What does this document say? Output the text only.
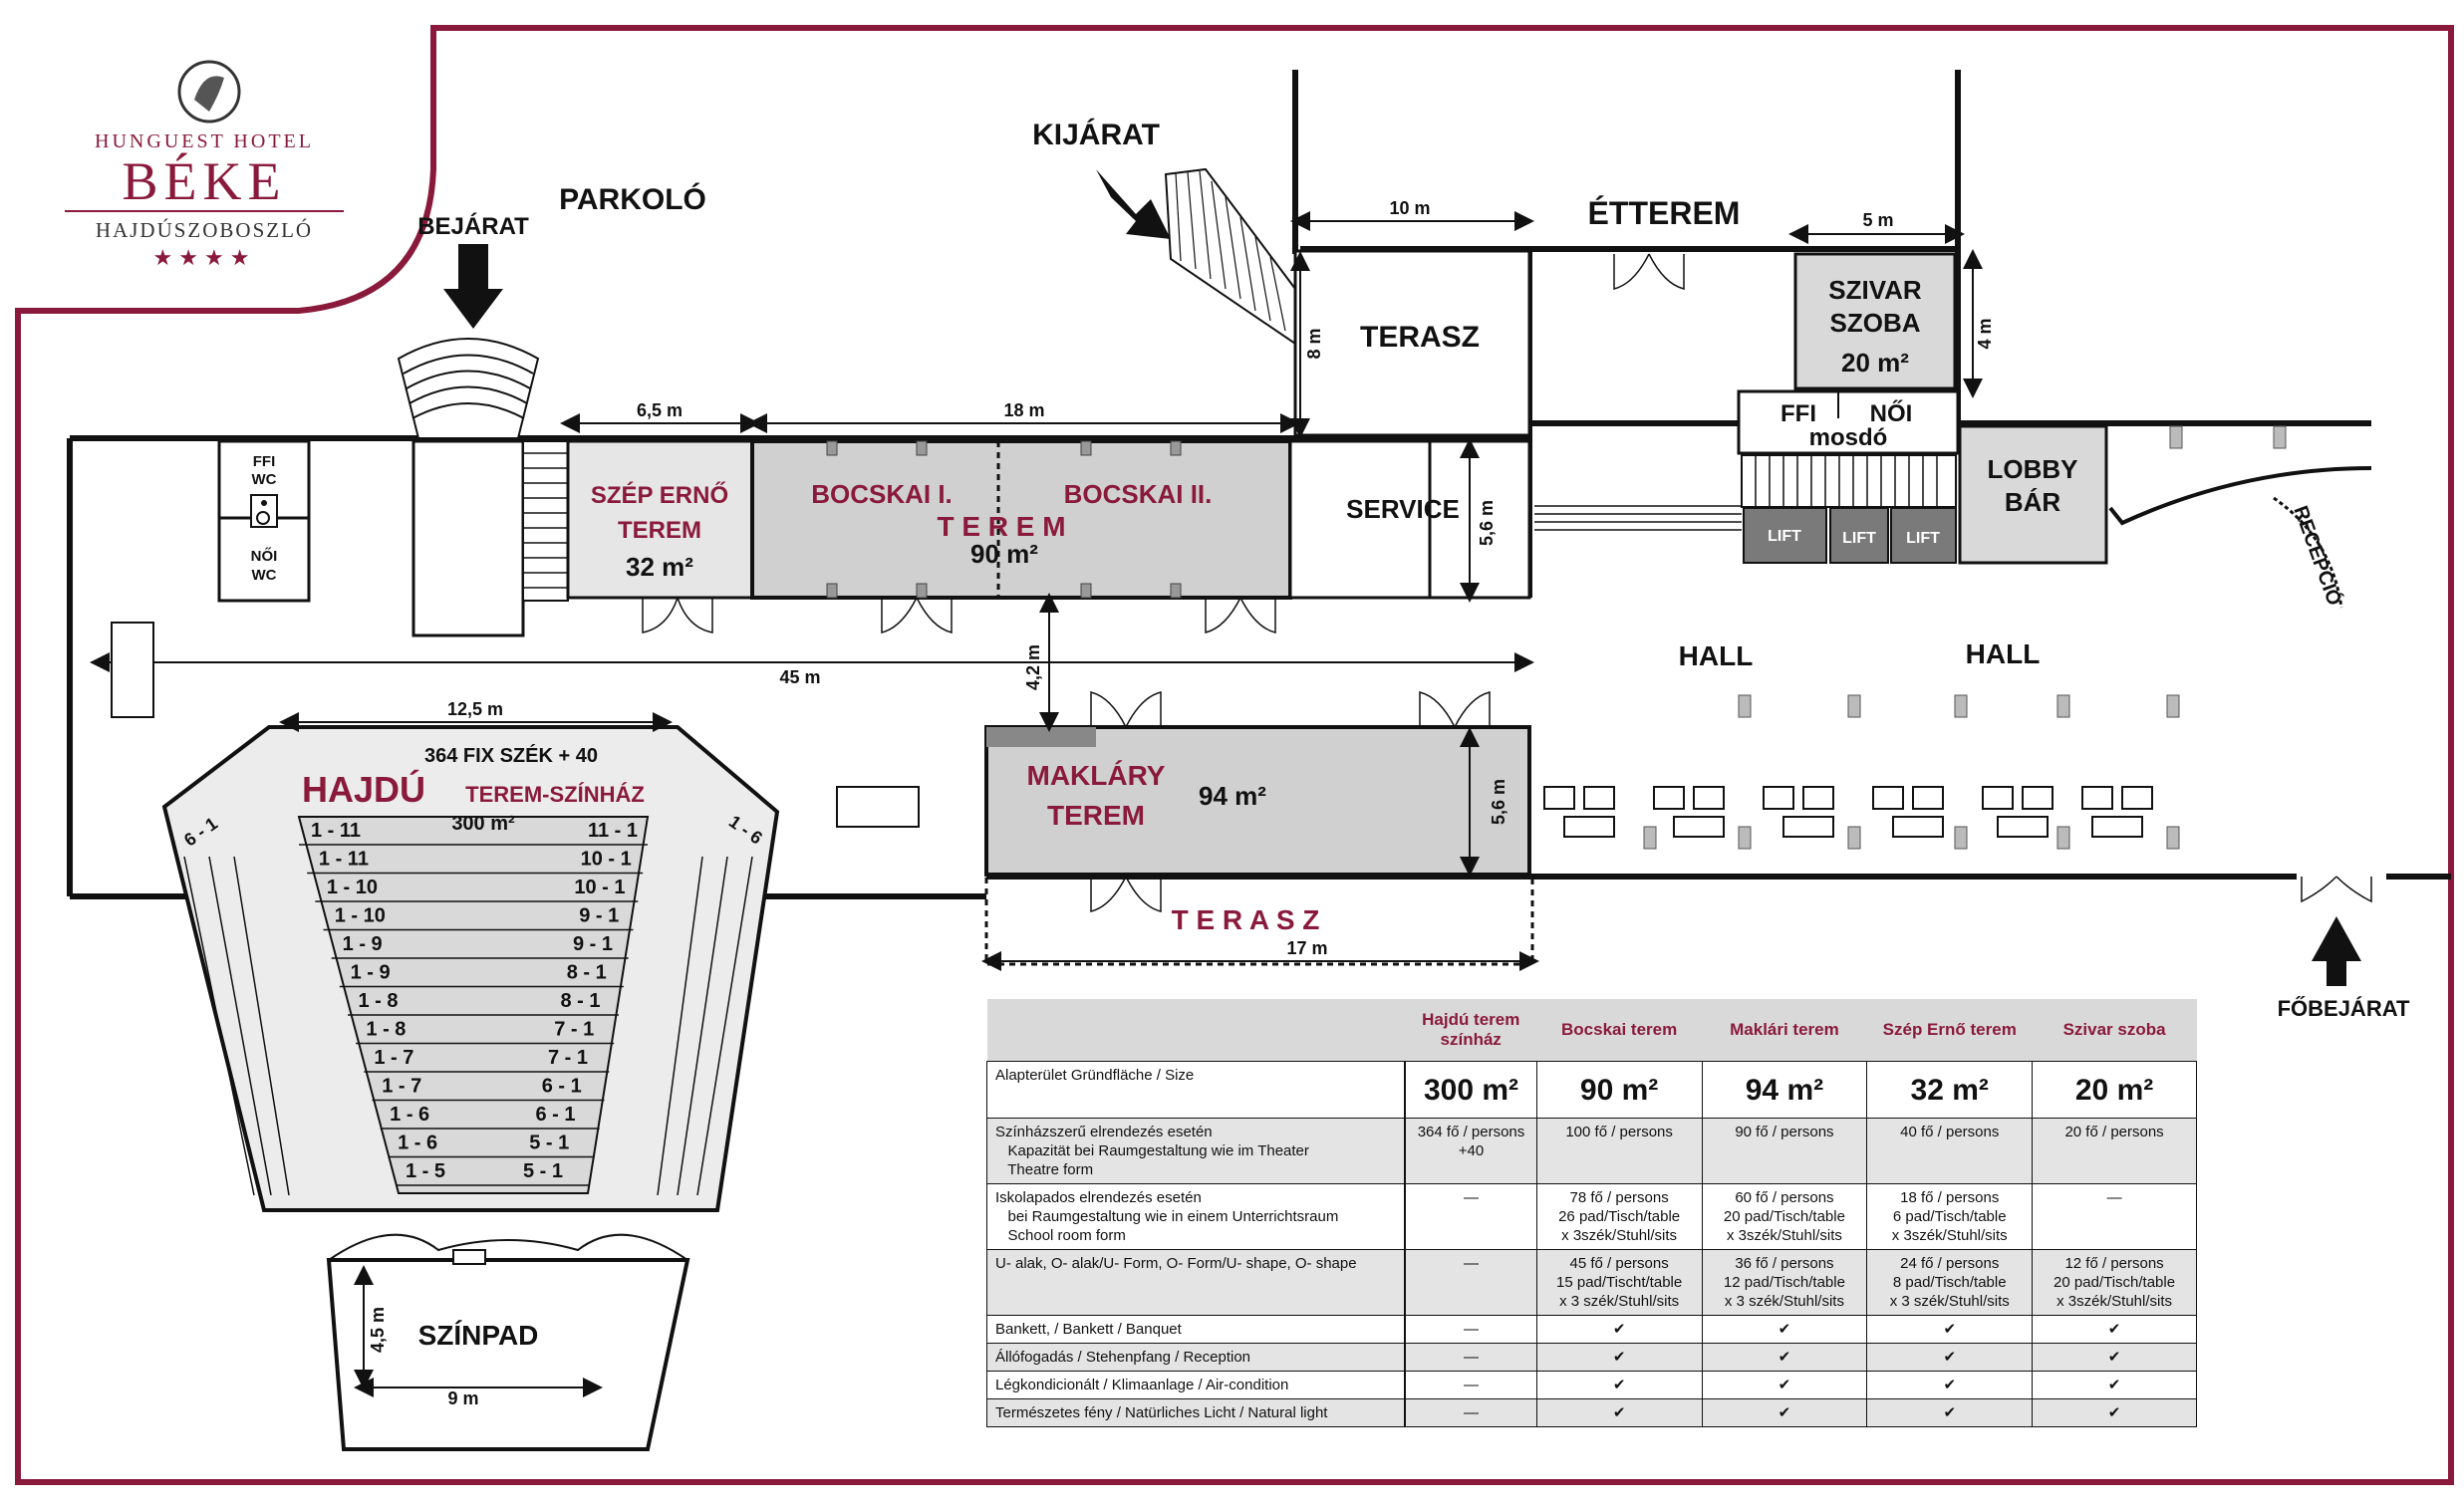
HUNGUEST HOTEL
BÉKE
HAJDÚSZOBOSZLÓ
★★★★
FFI
WC
NŐI
WC
BEJÁRAT
PARKOLÓ
KIJÁRAT
SZÉP ERNŐ
TEREM
32 m²
BOCSKAI I.	BOCSKAI II.
T E R E M
90 m²
SERVICE
TERASZ
ÉTTEREM
SZIVAR
SZOBA
20 m²
FFI NŐI
mosdó
LIFT	LIFT LIFT
LOBBY
BÁR
RECEPCIÓ
HALL	HALL
MAKLÁRY
TEREM
94 m²
T E R A S Z
FŐBEJÁRAT
6 - 1	1 - 6
364 FIX SZÉK + 40
HAJDÚ TEREM-SZÍNHÁZ
300 m²
1 - 11	11 - 1
1 - 11	10 - 1
1 - 10	10 - 1
1 - 10	9 - 1
1 - 9	9 - 1
1 - 9	8 - 1
1 - 8	8 - 1
1 - 8	7 - 1
1 - 7	7 - 1
1 - 7	6 - 1
1 - 6	6 - 1
1 - 6	5 - 1
1 - 5	5 - 1
SZÍNPAD
6,5 m	18 m
10 m
5 m
8 m	4 m
5,6 m
45 m	4,2 m
12,5 m
5,6 m
17 m
4,5 m
9 m
	Hajdú terem színház	Bocskai terem	Maklári terem	Szép Ernő terem	Szivar szoba
Alapterület Gründfläche / Size	300 m²	90 m²	94 m²	32 m²	20 m²
Színházszerű elrendezés esetén
Kapazität bei Raumgestaltung wie im Theater
Theatre form	364 fő / persons
+40	100 fő / persons	90 fő / persons	40 fő / persons	20 fő / persons
Iskolapados elrendezés esetén
bei Raumgestaltung wie in einem Unterrichtsraum
School room form	—	78 fő / persons
26 pad/Tisch/table
x 3szék/Stuhl/sits	60 fő / persons
20 pad/Tisch/table
x 3szék/Stuhl/sits	18 fő / persons
6 pad/Tisch/table
x 3szék/Stuhl/sits	—
U- alak, O- alak/U- Form, O- Form/U- shape, O- shape	—	45 fő / persons
15 pad/Tischt/table
x 3 szék/Stuhl/sits	36 fő / persons
12 pad/Tisch/table
x 3 szék/Stuhl/sits	24 fő / persons
8 pad/Tisch/table
x 3 szék/Stuhl/sits	12 fő / persons
20 pad/Tisch/table
x 3szék/Stuhl/sits
Bankett, / Bankett / Banquet	—	✔	✔	✔	✔
Állófogadás / Stehenpfang / Reception	—	✔	✔	✔	✔
Légkondicionált / Klimaanlage / Air-condition	—	✔	✔	✔	✔
Természetes fény / Natürliches Licht / Natural light	—	✔	✔	✔	✔
